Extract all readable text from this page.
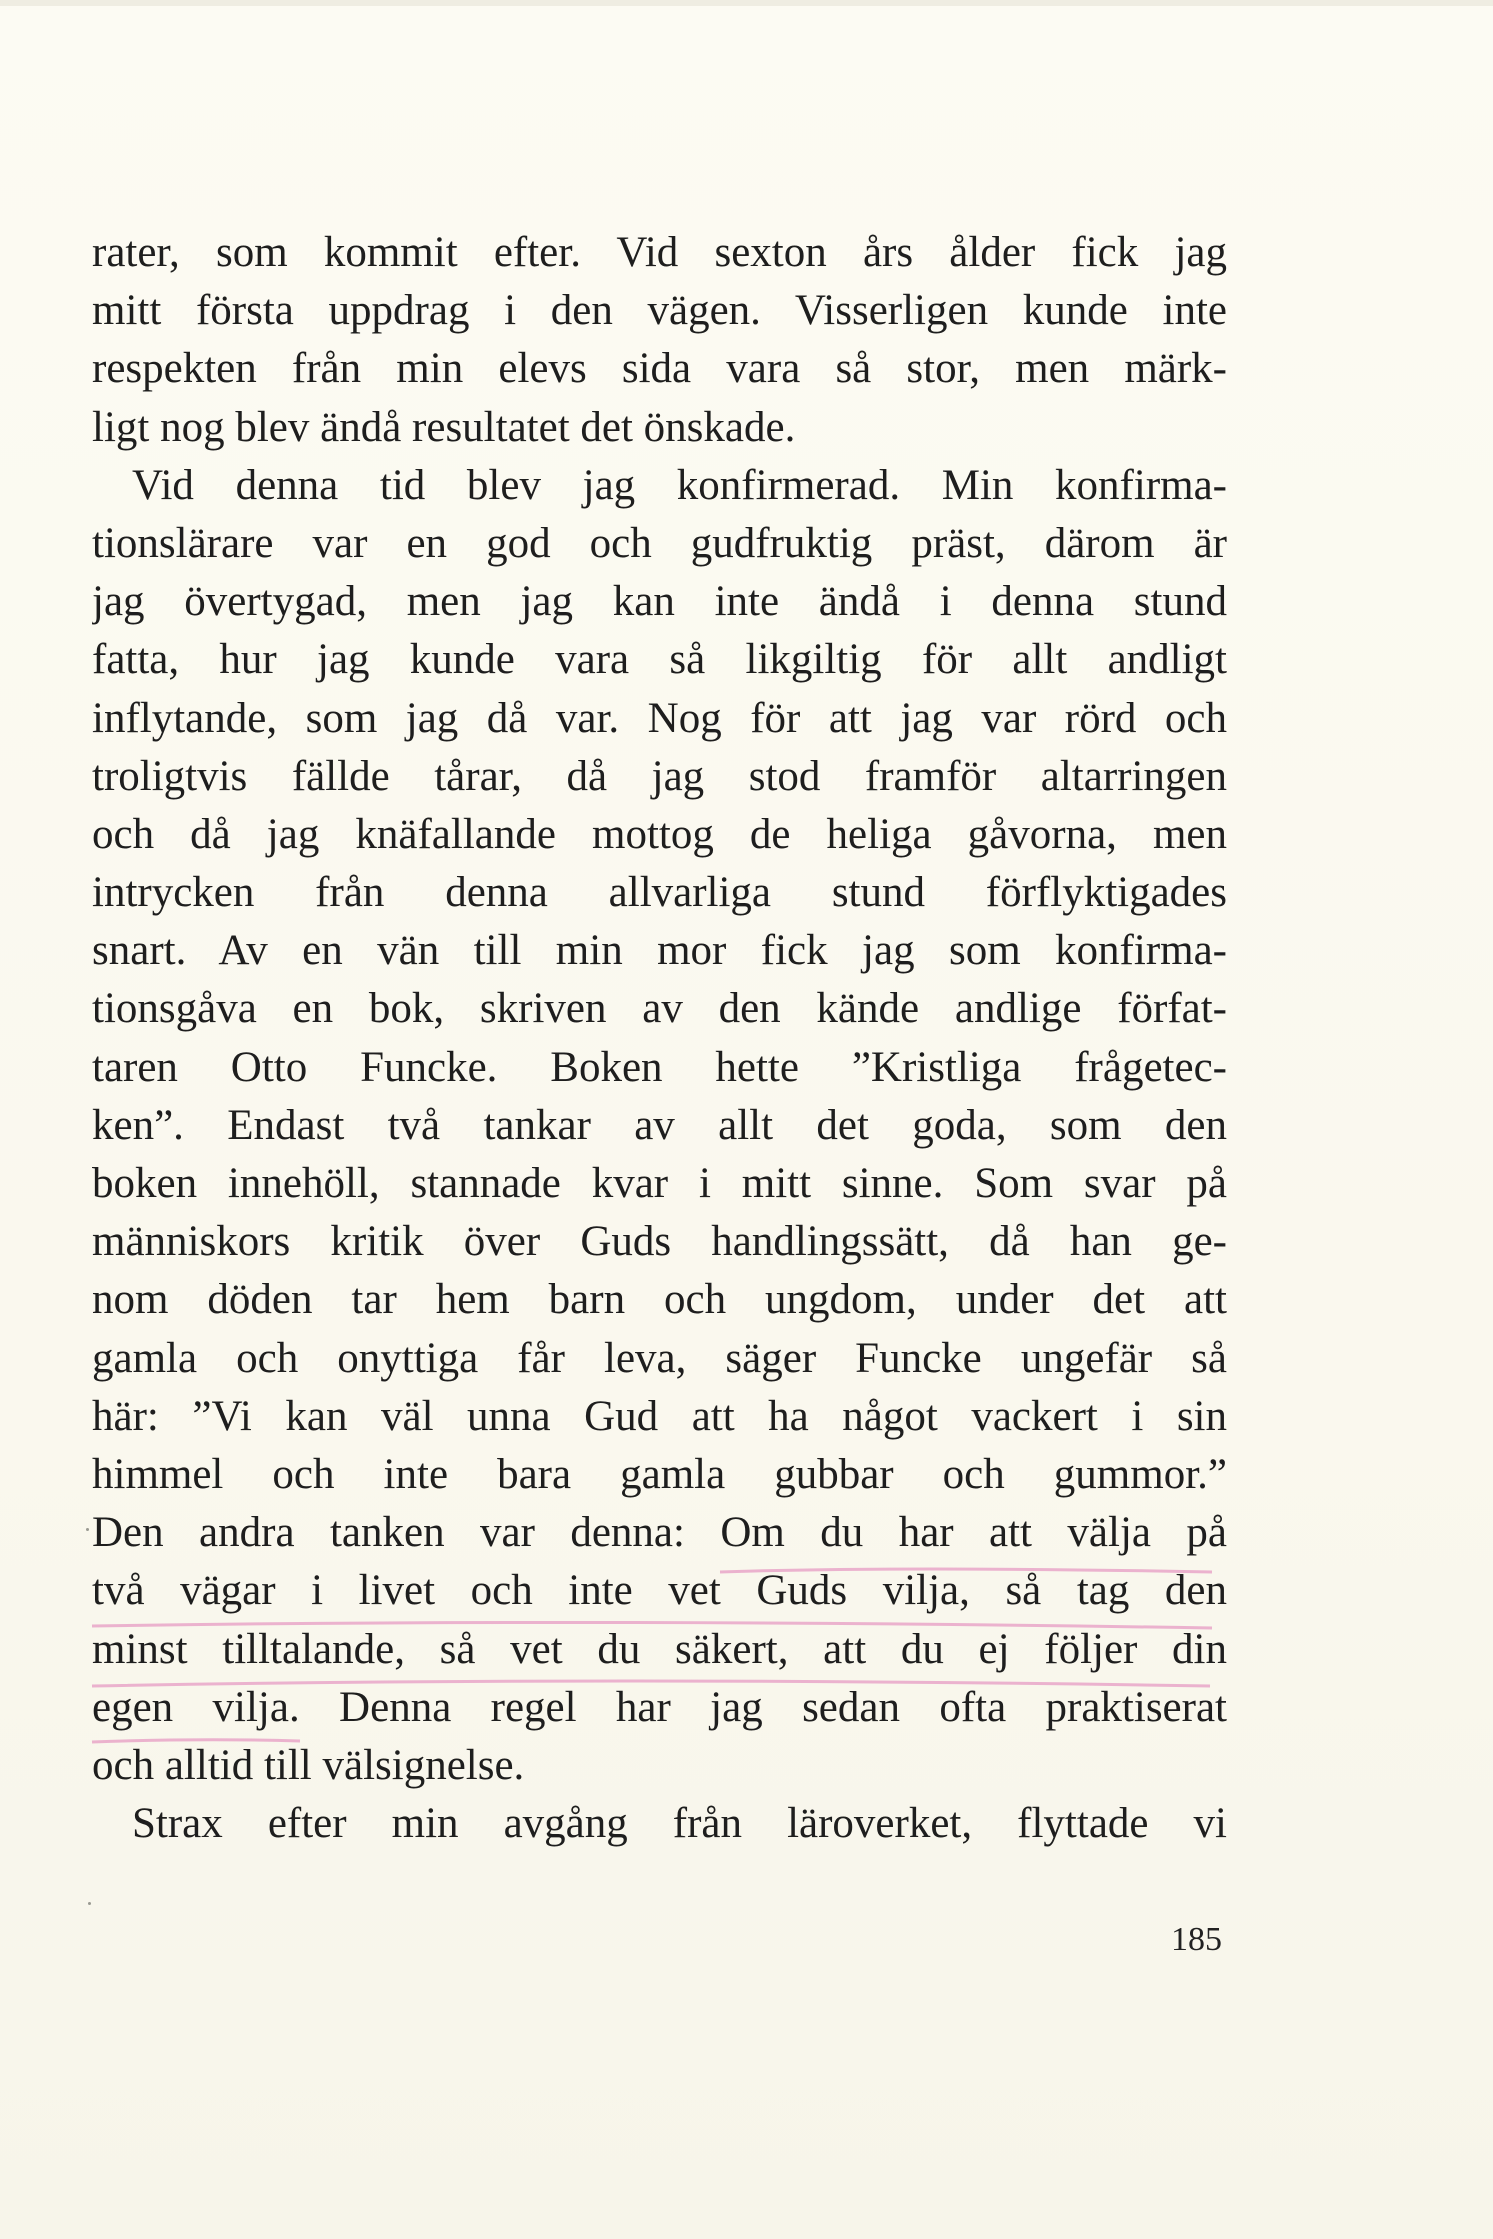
rater, som kommit efter. Vid sexton års ålder fick jag
mitt första uppdrag i den vägen. Visserligen kunde inte
respekten från min elevs sida vara så stor, men märk-
ligt nog blev ändå resultatet det önskade.
Vid denna tid blev jag konfirmerad. Min konfirma-
tionslärare var en god och gudfruktig präst, därom är
jag övertygad, men jag kan inte ändå i denna stund
fatta, hur jag kunde vara så likgiltig för allt andligt
inflytande, som jag då var. Nog för att jag var rörd och
troligtvis fällde tårar, då jag stod framför altarringen
och då jag knäfallande mottog de heliga gåvorna, men
intrycken från denna allvarliga stund förflyktigades
snart. Av en vän till min mor fick jag som konfirma-
tionsgåva en bok, skriven av den kände andlige förfat-
taren Otto Funcke. Boken hette ”Kristliga frågetec-
ken”. Endast två tankar av allt det goda, som den
boken innehöll, stannade kvar i mitt sinne. Som svar på
människors kritik över Guds handlingssätt, då han ge-
nom döden tar hem barn och ungdom, under det att
gamla och onyttiga får leva, säger Funcke ungefär så
här: ”Vi kan väl unna Gud att ha något vackert i sin
himmel och inte bara gamla gubbar och gummor.”
Den andra tanken var denna: Om du har att välja på
två vägar i livet och inte vet Guds vilja, så tag den
minst tilltalande, så vet du säkert, att du ej följer din
egen vilja. Denna regel har jag sedan ofta praktiserat
och alltid till välsignelse.
Strax efter min avgång från läroverket, flyttade vi
185
